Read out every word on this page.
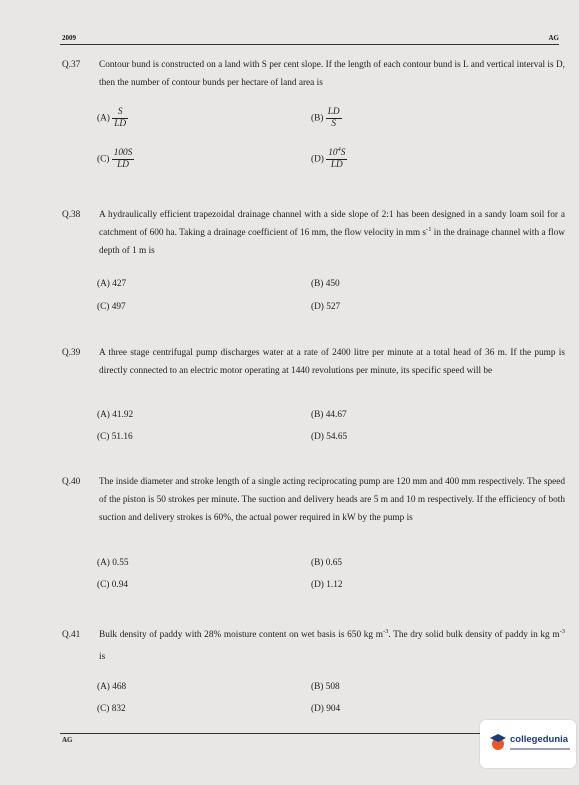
2009	AG
Q.37 Contour bund is constructed on a land with S per cent slope. If the length of each contour bund is L and vertical interval is D, then the number of contour bunds per hectare of land area is
$(A) \frac{S}{LD}$	$(B) \frac{LD}{S}$
$(C) \frac{100S}{LD}$	$(D) \frac{10^4S}{LD}$
Q.38 A hydraulically efficient trapezoidal drainage channel with a side slope of 2:1 has been designed in a sandy loam soil for a catchment of 600 ha. Taking a drainage coefficient of 16 mm, the flow velocity in mm $s^{-1}$ in the drainage channel with a flow depth of 1 m is
(A) 427	(B) 450
(C) 497	(D) 527
Q.39 A three stage centrifugal pump discharges water at a rate of 2400 litre per minute at a total head of 36 m. If the pump is directly connected to an electric motor operating at 1440 revolutions per minute, its specific speed will be
(A) 41.92	(B) 44.67
(C) 51.16	(D) 54.65
Q.40 The inside diameter and stroke length of a single acting reciprocating pump are 120 mm and 400 mm respectively. The speed of the piston is 50 strokes per minute. The suction and delivery heads are 5 m and 10 m respectively. If the efficiency of both suction and delivery strokes is 60%, the actual power required in kW by the pump is
(A) 0.55	(B) 0.65
(C) 0.94	(D) 1.12
Q.41 Bulk density of paddy with 28% moisture content on wet basis is 650 kg $m^{-3}$. The dry solid bulk density of paddy in kg $m^{-3}$ is
(A) 468	(B) 508
(C) 832	(D) 904
AG	collegedunia
